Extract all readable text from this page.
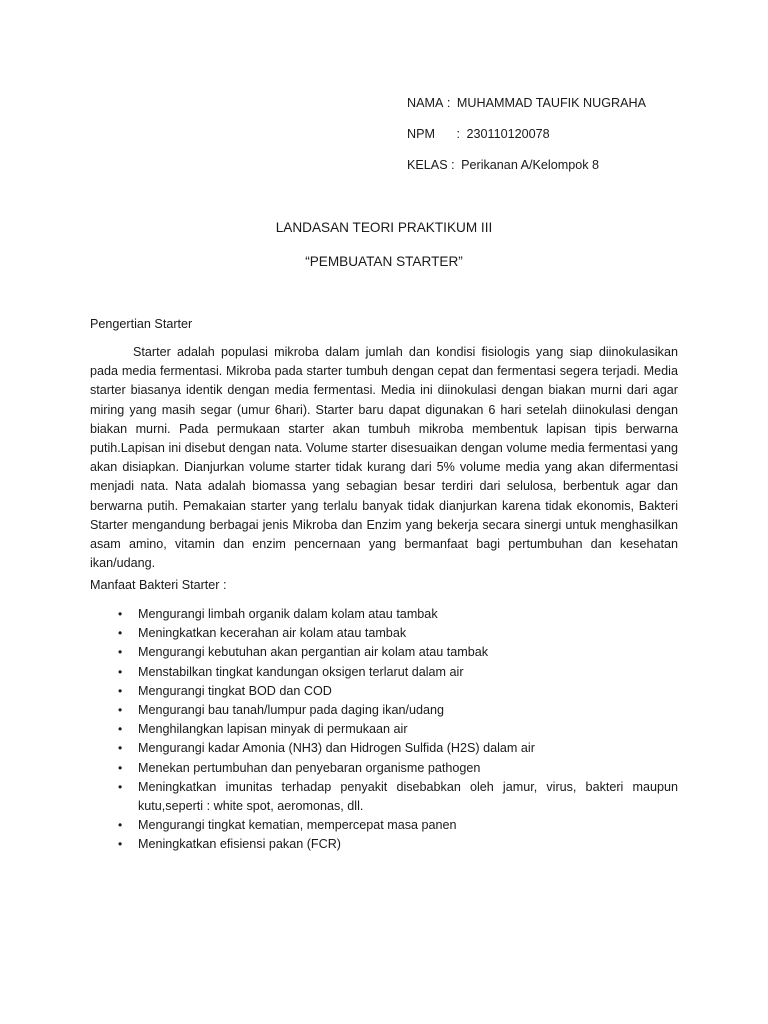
NAMA : MUHAMMAD TAUFIK NUGRAHA
NPM : 230110120078
KELAS : Perikanan A/Kelompok 8
LANDASAN TEORI PRAKTIKUM III
“PEMBUATAN STARTER”
Pengertian Starter

Starter adalah populasi mikroba dalam jumlah dan kondisi fisiologis yang siap diinokulasikan pada media fermentasi. Mikroba pada starter tumbuh dengan cepat dan fermentasi segera terjadi. Media starter biasanya identik dengan media fermentasi. Media ini diinokulasi dengan biakan murni dari agar miring yang masih segar (umur 6hari). Starter baru dapat digunakan 6 hari setelah diinokulasi dengan biakan murni. Pada permukaan starter akan tumbuh mikroba membentuk lapisan tipis berwarna putih.Lapisan ini disebut dengan nata. Volume starter disesuaikan dengan volume media fermentasi yang akan disiapkan. Dianjurkan volume starter tidak kurang dari 5% volume media yang akan difermentasi menjadi nata. Nata adalah biomassa yang sebagian besar terdiri dari selulosa, berbentuk agar dan berwarna putih. Pemakaian starter yang terlalu banyak tidak dianjurkan karena tidak ekonomis, Bakteri Starter mengandung berbagai jenis Mikroba dan Enzim yang bekerja secara sinergi untuk menghasilkan asam amino, vitamin dan enzim pencernaan yang bermanfaat bagi pertumbuhan dan kesehatan ikan/udang.

Manfaat Bakteri Starter :
•	Mengurangi limbah organik dalam kolam atau tambak
•	Meningkatkan kecerahan air kolam atau tambak
•	Mengurangi kebutuhan akan pergantian air kolam atau tambak
•	Menstabilkan tingkat kandungan oksigen terlarut dalam air
•	Mengurangi tingkat BOD dan COD
•	Mengurangi bau tanah/lumpur pada daging ikan/udang
•	Menghilangkan lapisan minyak di permukaan air
•	Mengurangi kadar Amonia (NH3) dan Hidrogen Sulfida (H2S) dalam air
•	Menekan pertumbuhan dan penyebaran organisme pathogen
•	Meningkatkan imunitas terhadap penyakit disebabkan oleh jamur, virus, bakteri maupun kutu,seperti : white spot, aeromonas, dll.
•	Mengurangi tingkat kematian, mempercepat masa panen
•	Meningkatkan efisiensi pakan (FCR)
